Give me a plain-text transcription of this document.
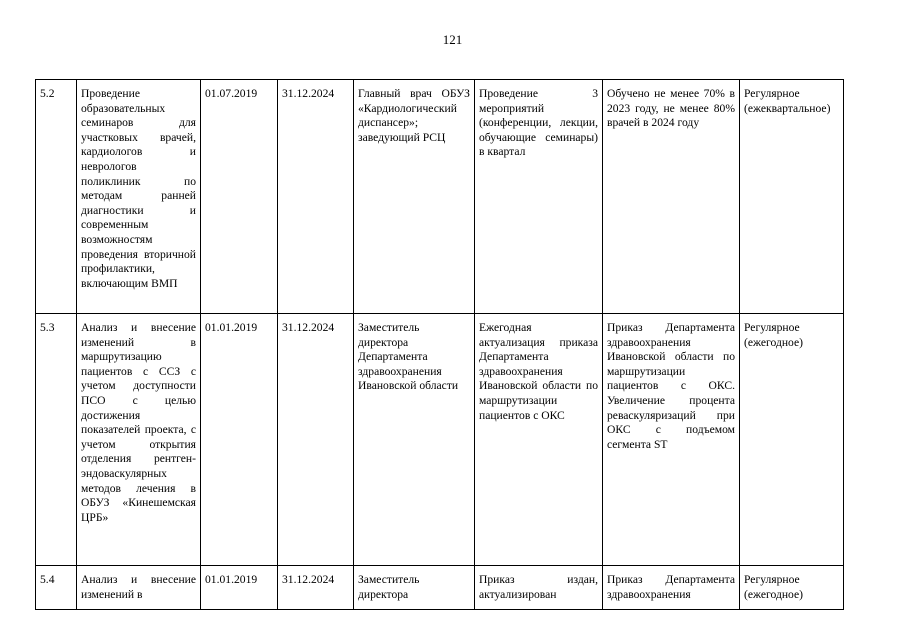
121
5.2	Проведение образовательных семинаров для участковых врачей, кардиологов и неврологов поликлиник по методам ранней диагностики и современным возможностям проведения вторичной профилактики, включающим ВМП	01.07.2019	31.12.2024	Главный врач ОБУЗ «Кардиологический диспансер»; заведующий РСЦ	Проведение 3 мероприятий (конференции, лекции, обучающие семинары) в квартал	Обучено не менее 70% в 2023 году, не менее 80% врачей в 2024 году	Регулярное (ежеквартальное)
5.3	Анализ и внесение изменений в маршрутизацию пациентов с ССЗ с учетом доступности ПСО с целью достижения показателей проекта, с учетом открытия отделения рентген-эндоваскулярных методов лечения в ОБУЗ «Кинешемская ЦРБ»	01.01.2019	31.12.2024	Заместитель директора Департамента здравоохранения Ивановской области	Ежегодная актуализация приказа Департамента здравоохранения Ивановской области по маршрутизации пациентов с ОКС	Приказ Департамента здравоохранения Ивановской области по маршрутизации пациентов с ОКС. Увеличение процента реваскуляризаций при ОКС с подъемом сегмента ST	Регулярное (ежегодное)
5.4	Анализ и внесение изменений в	01.01.2019	31.12.2024	Заместитель директора	Приказ издан, актуализирован	Приказ Департамента здравоохранения	Регулярное (ежегодное)
